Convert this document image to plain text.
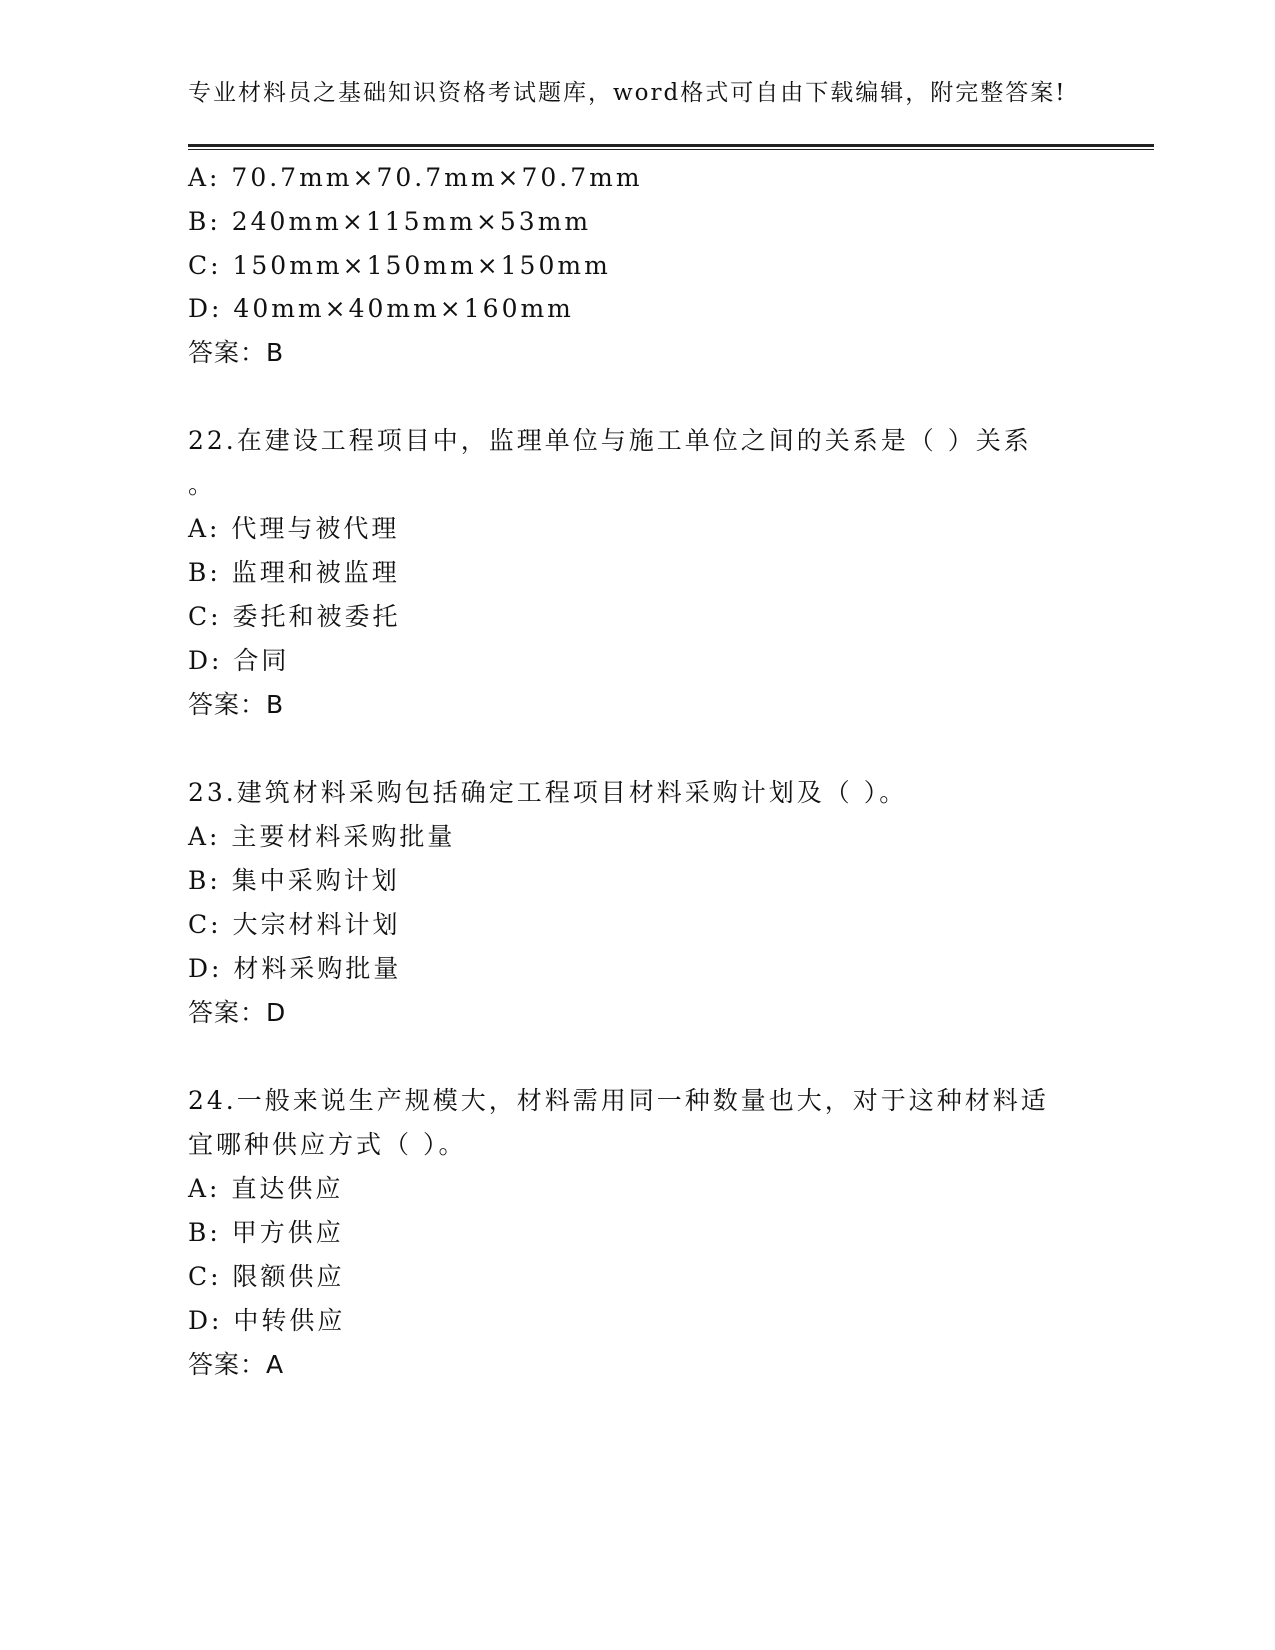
专业材料员之基础知识资格考试题库，word格式可自由下载编辑，附完整答案!
A: 70.7mm×70.7mm×70.7mm
B: 240mm×115mm×53mm
C: 150mm×150mm×150mm
D: 40mm×40mm×160mm
答案：B
22.在建设工程项目中，监理单位与施工单位之间的关系是（ ）关系
。
A: 代理与被代理
B: 监理和被监理
C: 委托和被委托
D: 合同
答案：B
23.建筑材料采购包括确定工程项目材料采购计划及（ ）。
A: 主要材料采购批量
B: 集中采购计划
C: 大宗材料计划
D: 材料采购批量
答案：D
24.一般来说生产规模大，材料需用同一种数量也大，对于这种材料适
宜哪种供应方式（ ）。
A: 直达供应
B: 甲方供应
C: 限额供应
D: 中转供应
答案：A
